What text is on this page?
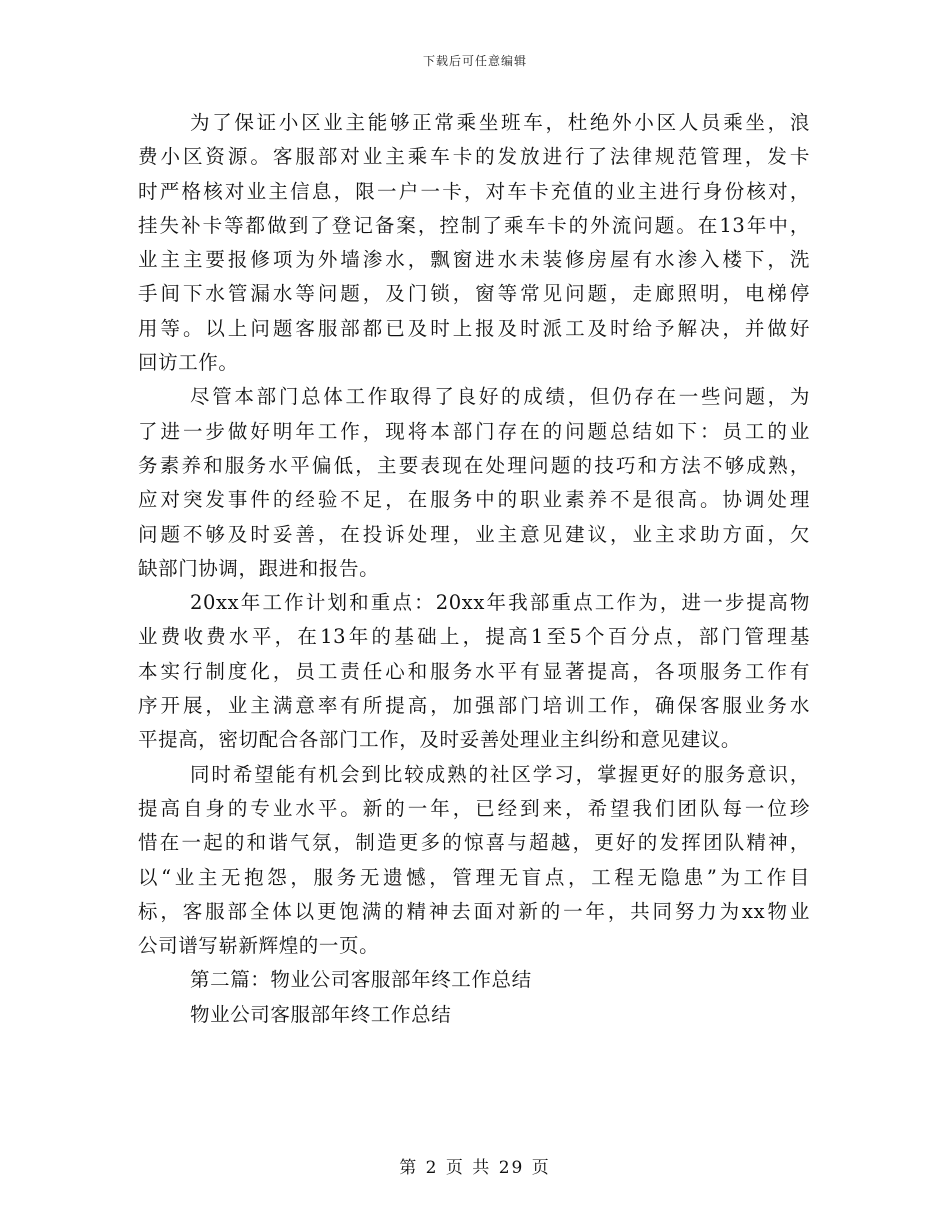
下载后可任意编辑
为了保证小区业主能够正常乘坐班车，杜绝外小区人员乘坐，浪
费小区资源。客服部对业主乘车卡的发放进行了法律规范管理，发卡
时严格核对业主信息，限一户一卡，对车卡充值的业主进行身份核对，
挂失补卡等都做到了登记备案，控制了乘车卡的外流问题。在13年中，
业主主要报修项为外墙渗水，飘窗进水未装修房屋有水渗入楼下，洗
手间下水管漏水等问题，及门锁，窗等常见问题，走廊照明，电梯停
用等。以上问题客服部都已及时上报及时派工及时给予解决，并做好
回访工作。
尽管本部门总体工作取得了良好的成绩，但仍存在一些问题，为
了进一步做好明年工作，现将本部门存在的问题总结如下：员工的业
务素养和服务水平偏低，主要表现在处理问题的技巧和方法不够成熟，
应对突发事件的经验不足，在服务中的职业素养不是很高。协调处理
问题不够及时妥善，在投诉处理，业主意见建议，业主求助方面，欠
缺部门协调，跟进和报告。
20xx年工作计划和重点：20xx年我部重点工作为，进一步提高物
业费收费水平，在13年的基础上，提高1至5个百分点，部门管理基
本实行制度化，员工责任心和服务水平有显著提高，各项服务工作有
序开展，业主满意率有所提高，加强部门培训工作，确保客服业务水
平提高，密切配合各部门工作，及时妥善处理业主纠纷和意见建议。
同时希望能有机会到比较成熟的社区学习，掌握更好的服务意识，
提高自身的专业水平。新的一年，已经到来，希望我们团队每一位珍
惜在一起的和谐气氛，制造更多的惊喜与超越，更好的发挥团队精神，
以“业主无抱怨，服务无遗憾，管理无盲点，工程无隐患”为工作目
标，客服部全体以更饱满的精神去面对新的一年，共同努力为xx物业
公司谱写崭新辉煌的一页。
第二篇：物业公司客服部年终工作总结
物业公司客服部年终工作总结
第 2 页 共 29 页
